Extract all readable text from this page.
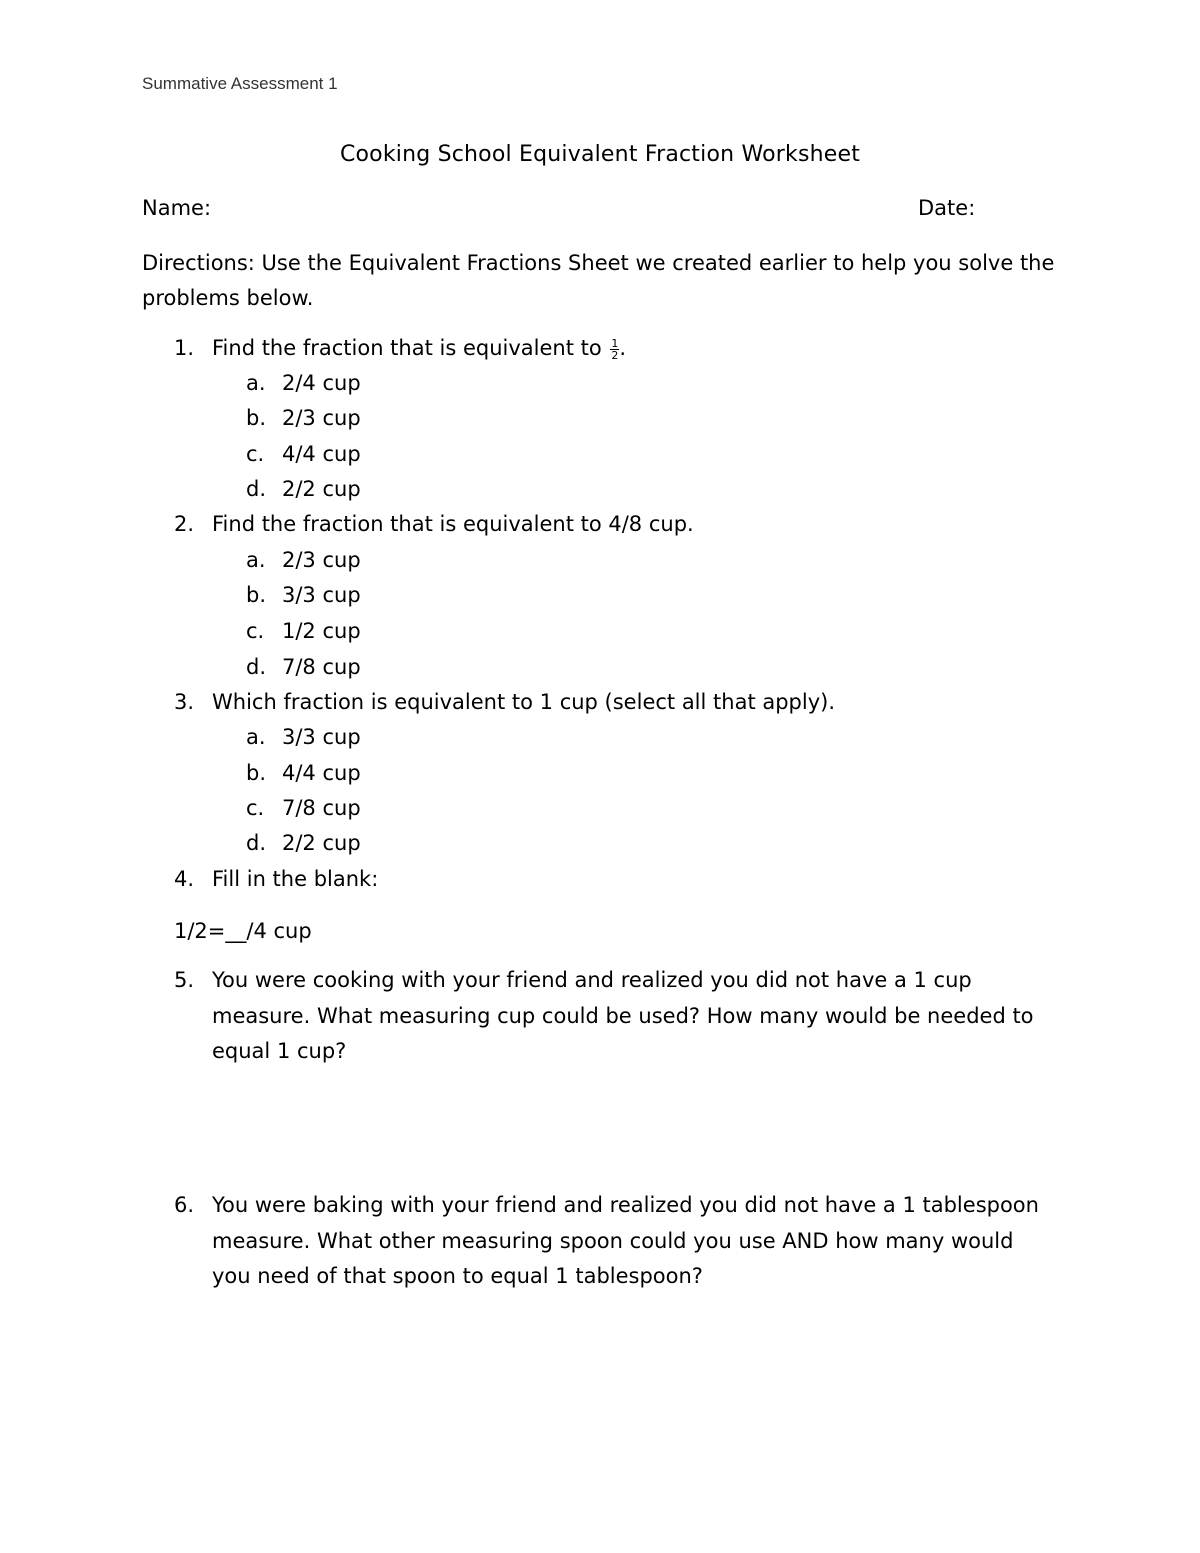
Summative Assessment 1
Cooking School Equivalent Fraction Worksheet
Name:	Date:
Directions: Use the Equivalent Fractions Sheet we created earlier to help you solve the problems below.
1. Find the fraction that is equivalent to $\frac{1}{2}$ .
a. 2/4 cup
b. 2/3 cup
c. 4/4 cup
d. 2/2 cup
2. Find the fraction that is equivalent to 4/8 cup.
a. 2/3 cup
b. 3/3 cup
c. 1/2 cup
d. 7/8 cup
3. Which fraction is equivalent to 1 cup (select all that apply).
a. 3/3 cup
b. 4/4 cup
c. 7/8 cup
d. 2/2 cup
4. Fill in the blank:
1/2=__/4 cup
5. You were cooking with your friend and realized you did not have a 1 cup measure. What measuring cup could be used? How many would be needed to equal 1 cup?
6. You were baking with your friend and realized you did not have a 1 tablespoon measure. What other measuring spoon could you use AND how many would you need of that spoon to equal 1 tablespoon?
